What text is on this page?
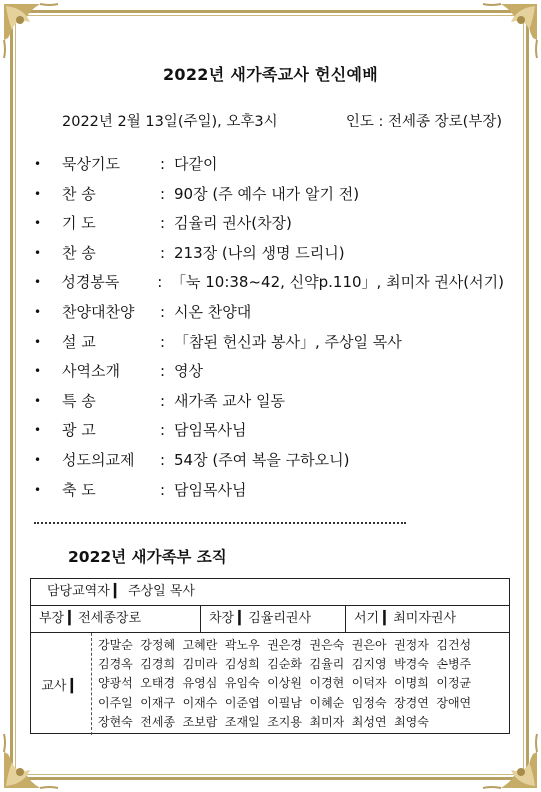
2022년 새가족교사 헌신예배
2022년 2월 13일(주일), 오후3시	인도 : 전세종 장로(부장)
•	묵상기도	: 다같이
•	찬 송	: 90장 (주 예수 내가 알기 전)
•	기 도	: 김율리 권사(차장)
•	찬 송	: 213장 (나의 생명 드리니)
•	성경봉독	: 「눅 10:38~42, 신약p.110」, 최미자 권사(서기)
•	찬양대찬양	: 시온 찬양대
•	설 교	: 「참된 헌신과 봉사」, 주상일 목사
•	사역소개	: 영상
•	특 송	: 새가족 교사 일동
•	광 고	: 담임목사님
•	성도의교제	: 54장 (주여 복을 구하오니)
•	축 도	: 담임목사님
2022년 새가족부 조직
담당교역자 ▎ 주상일 목사
부장 ▎전세종장로	차장 ▎김율리권사	서기 ▎최미자권사
교사 ▎
강말순 강정혜 고혜란 곽노우 권은경 권은숙 권은아 권정자 김건성
김경옥 김경희 김미라 김성희 김순화 김율리 김지영 박경숙 손병주
양광석 오태경 유영심 유임숙 이상원 이경현 이덕자 이명희 이정균
이주일 이재구 이재수 이준엽 이필남 이혜순 임정숙 장경연 장애연
장현숙 전세종 조보람 조재일 조지용 최미자 최성연 최영숙
